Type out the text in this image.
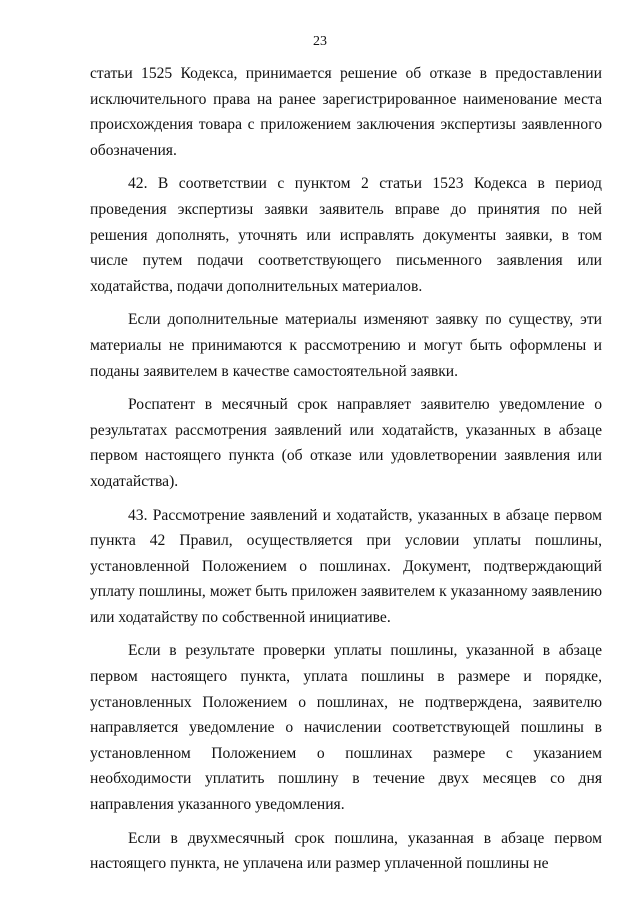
23

статьи 1525 Кодекса, принимается решение об отказе в предоставлении исключительного права на ранее зарегистрированное наименование места происхождения товара с приложением заключения экспертизы заявленного обозначения.

42. В соответствии с пунктом 2 статьи 1523 Кодекса в период проведения экспертизы заявки заявитель вправе до принятия по ней решения дополнять, уточнять или исправлять документы заявки, в том числе путем подачи соответствующего письменного заявления или ходатайства, подачи дополнительных материалов.

Если дополнительные материалы изменяют заявку по существу, эти материалы не принимаются к рассмотрению и могут быть оформлены и поданы заявителем в качестве самостоятельной заявки.

Роспатент в месячный срок направляет заявителю уведомление о результатах рассмотрения заявлений или ходатайств, указанных в абзаце первом настоящего пункта (об отказе или удовлетворении заявления или ходатайства).

43. Рассмотрение заявлений и ходатайств, указанных в абзаце первом пункта 42 Правил, осуществляется при условии уплаты пошлины, установленной Положением о пошлинах. Документ, подтверждающий уплату пошлины, может быть приложен заявителем к указанному заявлению или ходатайству по собственной инициативе.

Если в результате проверки уплаты пошлины, указанной в абзаце первом настоящего пункта, уплата пошлины в размере и порядке, установленных Положением о пошлинах, не подтверждена, заявителю направляется уведомление о начислении соответствующей пошлины в установленном Положением о пошлинах размере с указанием необходимости уплатить пошлину в течение двух месяцев со дня направления указанного уведомления.

Если в двухмесячный срок пошлина, указанная в абзаце первом настоящего пункта, не уплачена или размер уплаченной пошлины не
